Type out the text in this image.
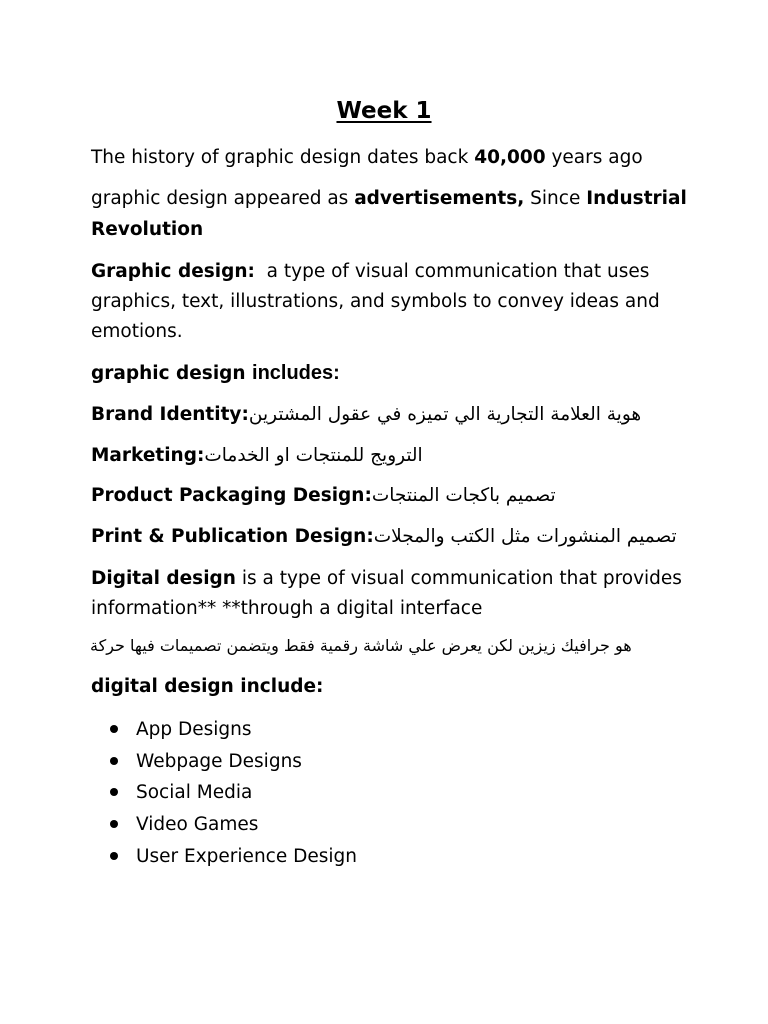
Week 1
The history of graphic design dates back 40,000 years ago
graphic design appeared as advertisements, Since Industrial
Revolution
Graphic design:  a type of visual communication that uses
graphics, text, illustrations, and symbols to convey ideas and
emotions.
graphic design includes:
Brand Identity: هوية العلامة التجارية الي تميزه في عقول المشترين
Marketing: الترويج للمنتجات او الخدمات
Product Packaging Design: تصميم باكجات المنتجات
Print & Publication Design: تصميم المنشورات مثل الكتب والمجلات
Digital design is a type of visual communication that provides
information** **through a digital interface
هو جرافيك زيزين لكن يعرض علي شاشة رقمية فقط ويتضمن تصميمات فيها حركة
digital design include:
App Designs
Webpage Designs
Social Media
Video Games
User Experience Design
